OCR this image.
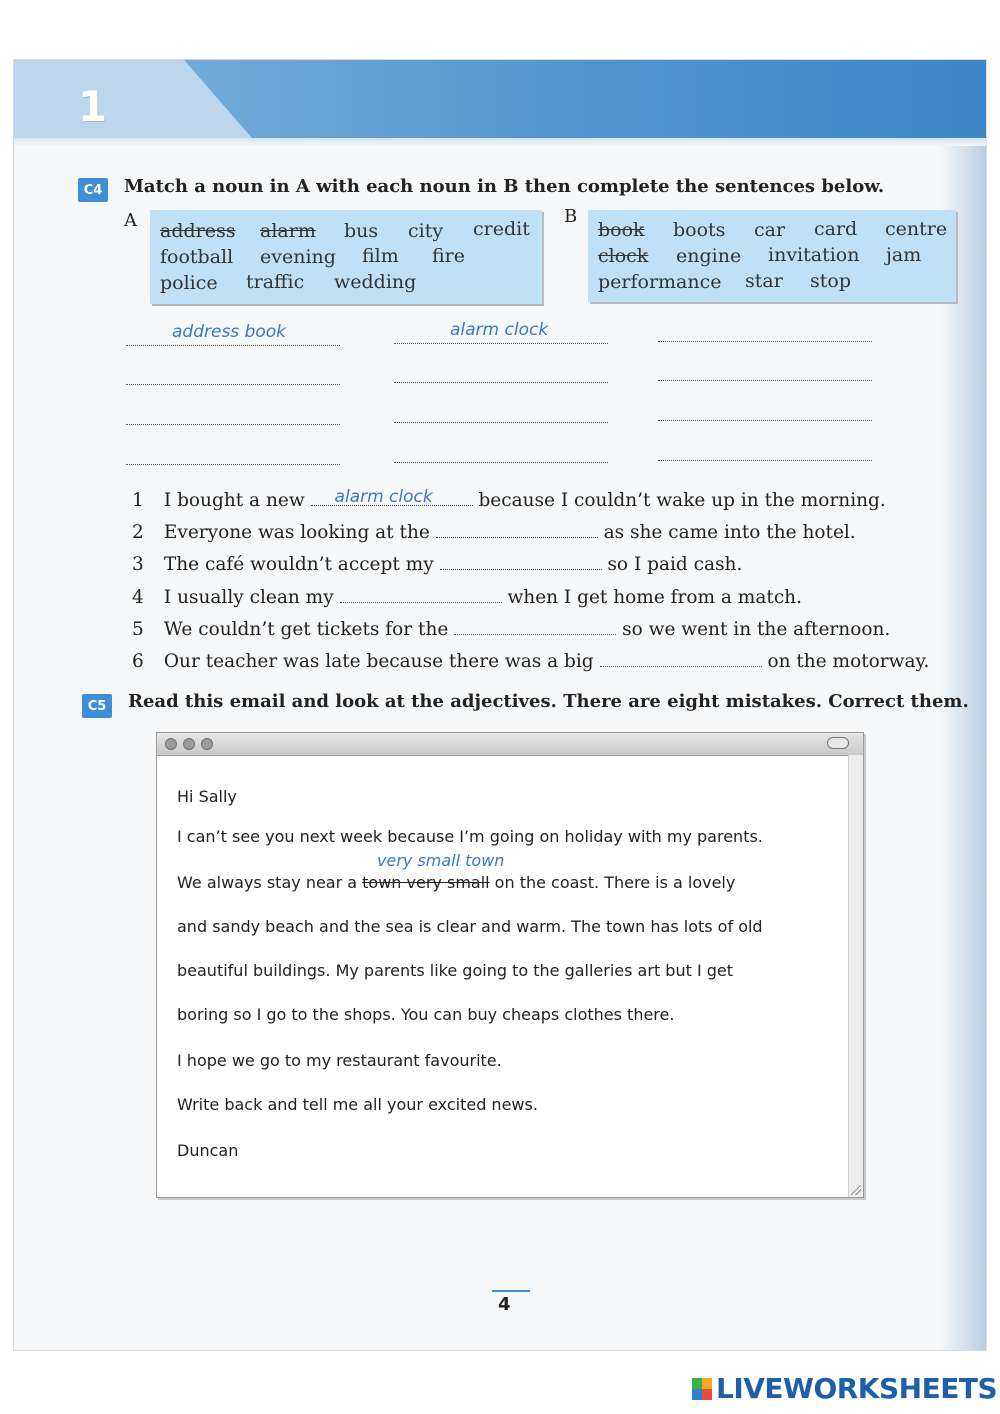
1
C4	Match a noun in A with each noun in B then complete the sentences below.
A address alarm bus city credit
football evening film fire
police traffic wedding
B
book boots car card centre
clock engine invitation jam
performance star stop
address book	alarm clock
1 I bought a new alarm clock because I couldn’t wake up in the morning.
2 Everyone was looking at the	as she came into the hotel.
3 The café wouldn’t accept my	so I paid cash.
4 I usually clean my	when I get home from a match.
5 We couldn’t get tickets for the	so we went in the afternoon.
6 Our teacher was late because there was a big	on the motorway.
C5	Read this email and look at the adjectives. There are eight mistakes. Correct them.
Hi Sally
I can’t see you next week because I’m going on holiday with my parents.
very small town
We always stay near a town very small on the coast. There is a lovely
and sandy beach and the sea is clear and warm. The town has lots of old
beautiful buildings. My parents like going to the galleries art but I get
boring so I go to the shops. You can buy cheaps clothes there.
I hope we go to my restaurant favourite.
Write back and tell me all your excited news.
Duncan
4
LIVEWORKSHEETS
